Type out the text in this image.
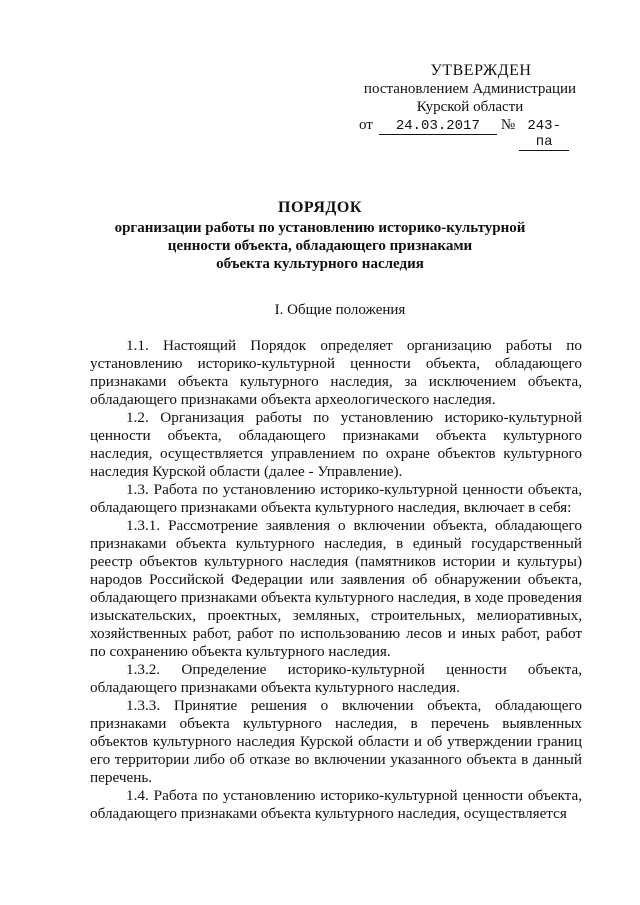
УТВЕРЖДЕН
постановлением Администрации
Курской области
от	24.03.2017	№ 243-па
ПОРЯДОК
организации работы по установлению историко-культурной
ценности объекта, обладающего признаками
объекта культурного наследия
I. Общие положения

1.1. Настоящий Порядок определяет организацию работы по установлению историко-культурной ценности объекта, обладающего признаками объекта культурного наследия, за исключением объекта, обладающего признаками объекта археологического наследия.

1.2. Организация работы по установлению историко-культурной ценности объекта, обладающего признаками объекта культурного наследия, осуществляется управлением по охране объектов культурного наследия Курской области (далее - Управление).

1.3. Работа по установлению историко-культурной ценности объекта, обладающего признаками объекта культурного наследия, включает в себя:

1.3.1. Рассмотрение заявления о включении объекта, обладающего признаками объекта культурного наследия, в единый государственный реестр объектов культурного наследия (памятников истории и культуры) народов Российской Федерации или заявления об обнаружении объекта, обладающего признаками объекта культурного наследия, в ходе проведения изыскательских, проектных, земляных, строительных, мелиоративных, хозяйственных работ, работ по использованию лесов и иных работ, работ по сохранению объекта культурного наследия.

1.3.2. Определение историко-культурной ценности объекта, обладающего признаками объекта культурного наследия.

1.3.3. Принятие решения о включении объекта, обладающего признаками объекта культурного наследия, в перечень выявленных объектов культурного наследия Курской области и об утверждении границ его территории либо об отказе во включении указанного объекта в данный перечень.

1.4. Работа по установлению историко-культурной ценности объекта, обладающего признаками объекта культурного наследия, осуществляется
